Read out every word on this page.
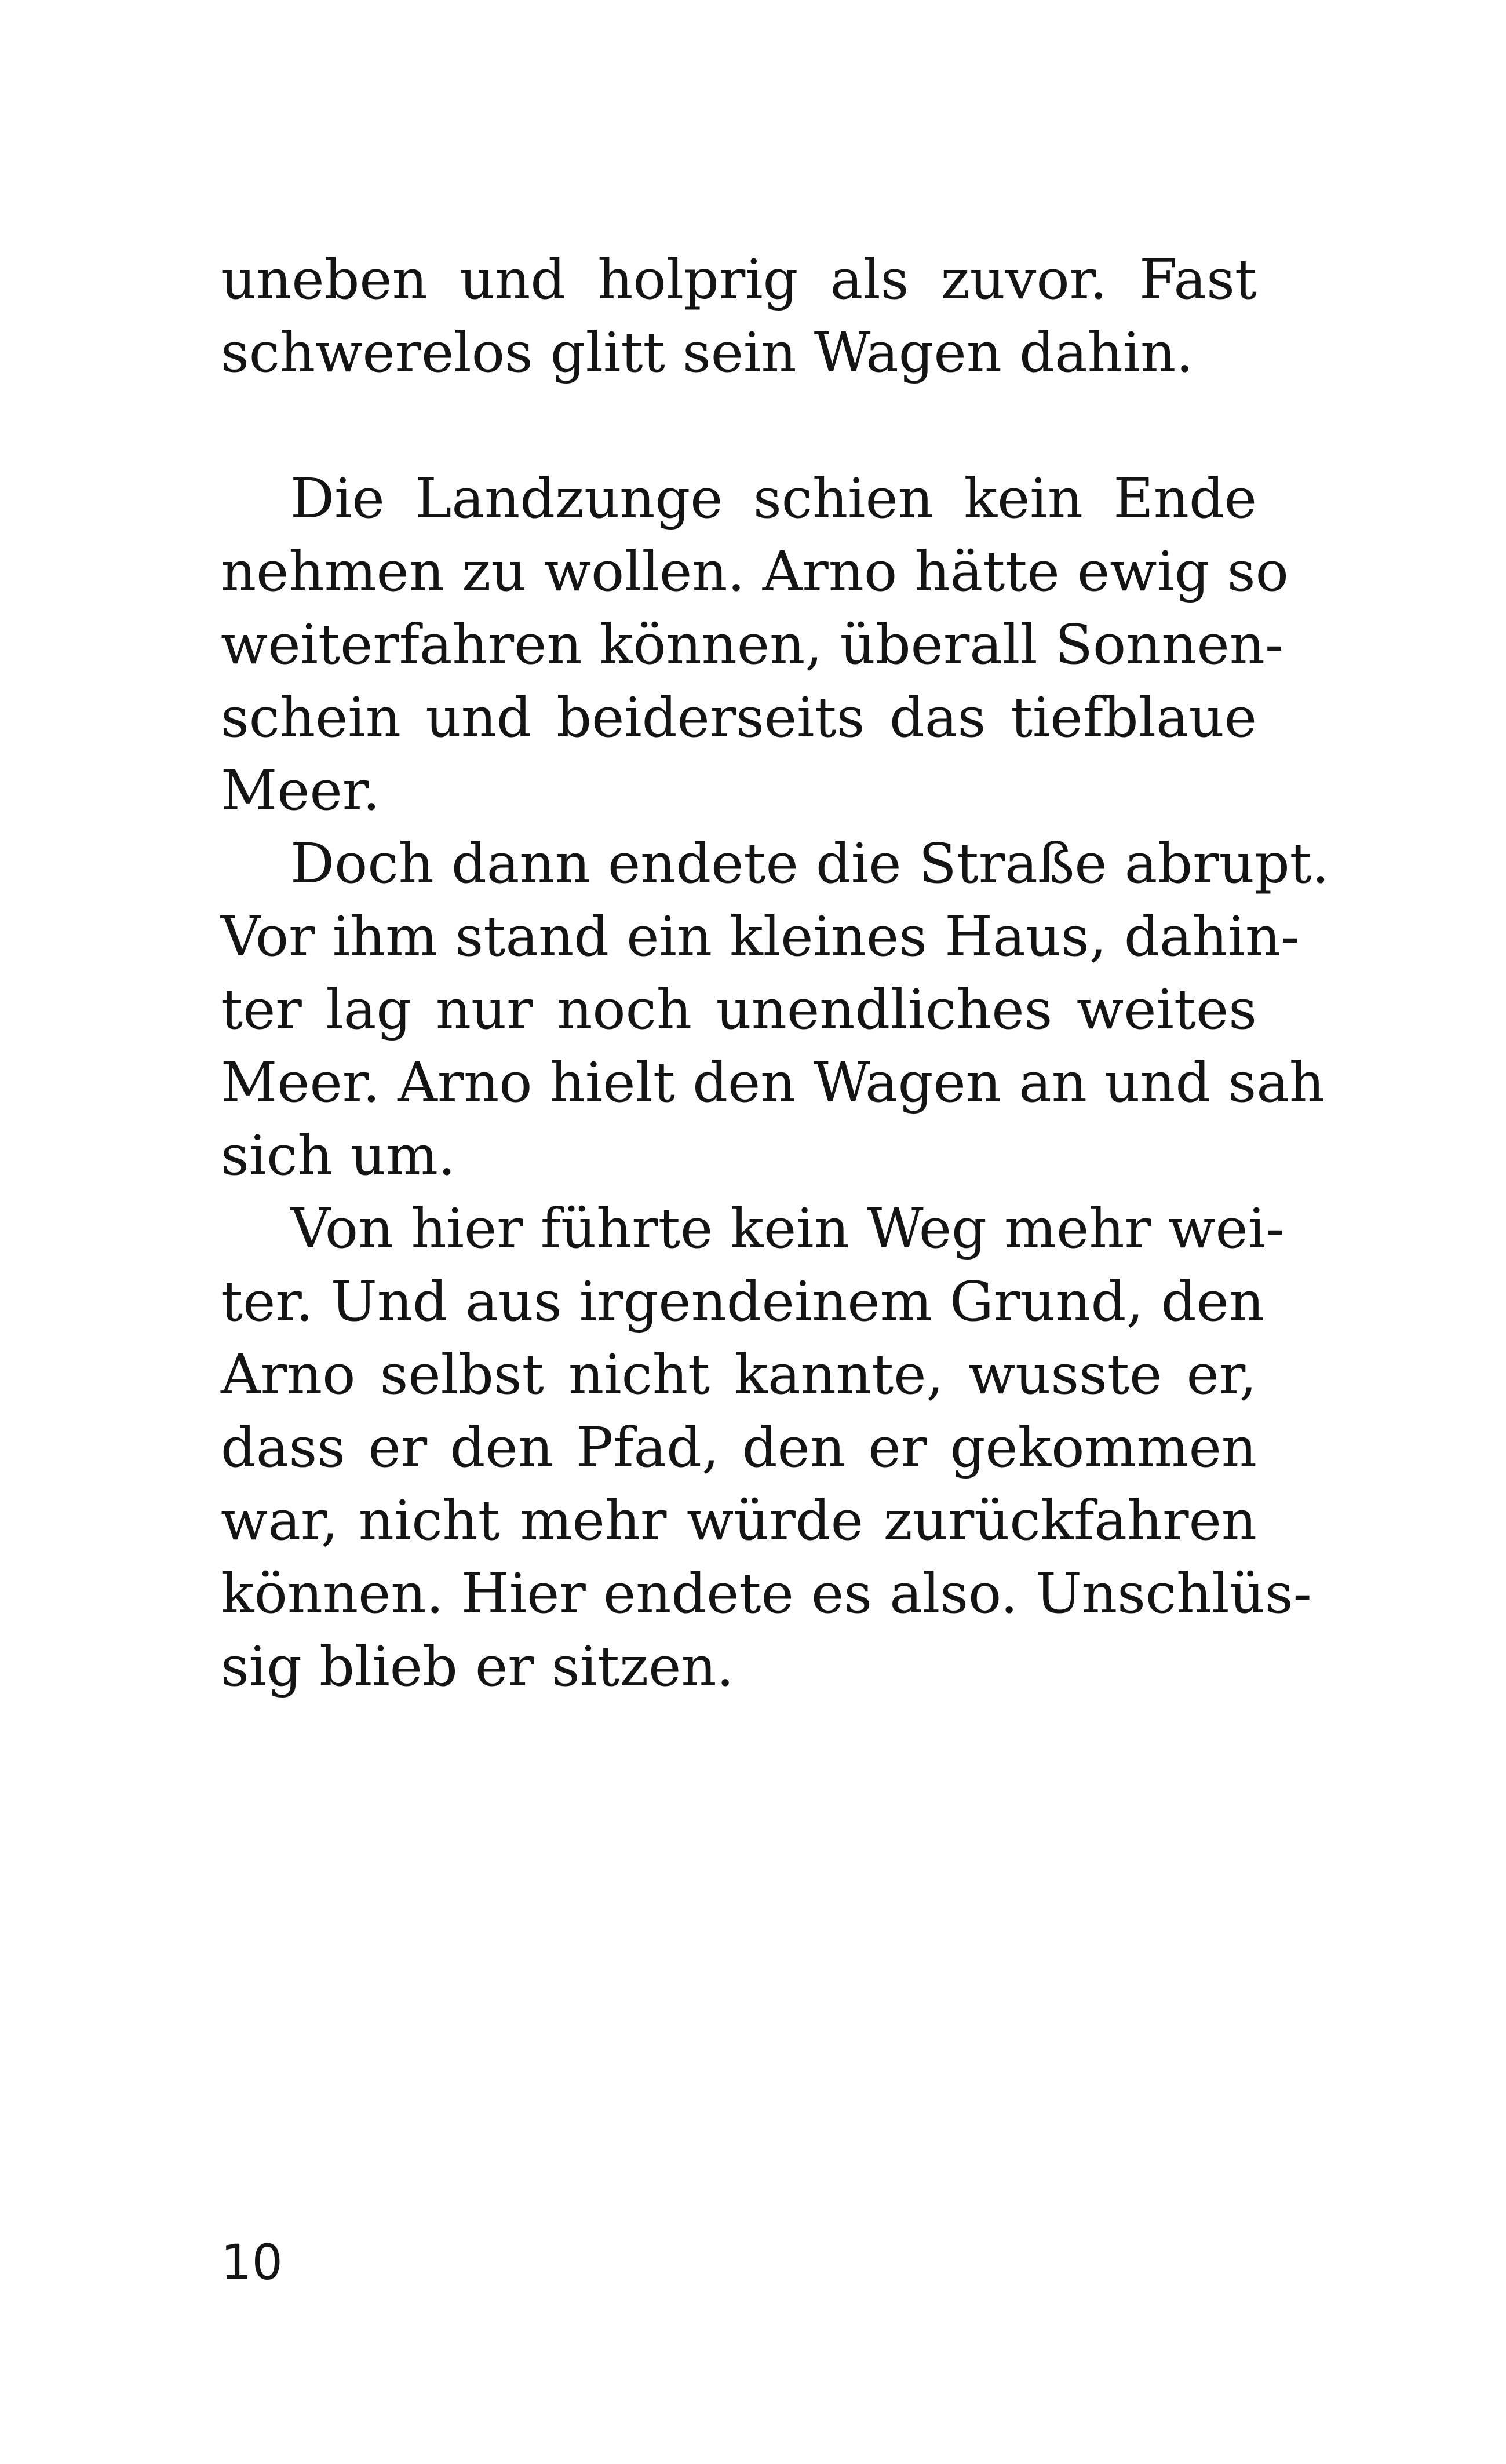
uneben und holprig als zuvor. Fast
schwerelos glitt sein Wagen dahin.
Die Landzunge schien kein Ende
nehmen zu wollen. Arno hätte ewig so
weiterfahren können, überall Sonnen-
schein und beiderseits das tiefblaue
Meer.
Doch dann endete die Straße abrupt.
Vor ihm stand ein kleines Haus, dahin-
ter lag nur noch unendliches weites
Meer. Arno hielt den Wagen an und sah
sich um.
Von hier führte kein Weg mehr wei-
ter. Und aus irgendeinem Grund, den
Arno selbst nicht kannte, wusste er,
dass er den Pfad, den er gekommen
war, nicht mehr würde zurückfahren
können. Hier endete es also. Unschlüs-
sig blieb er sitzen.
10
